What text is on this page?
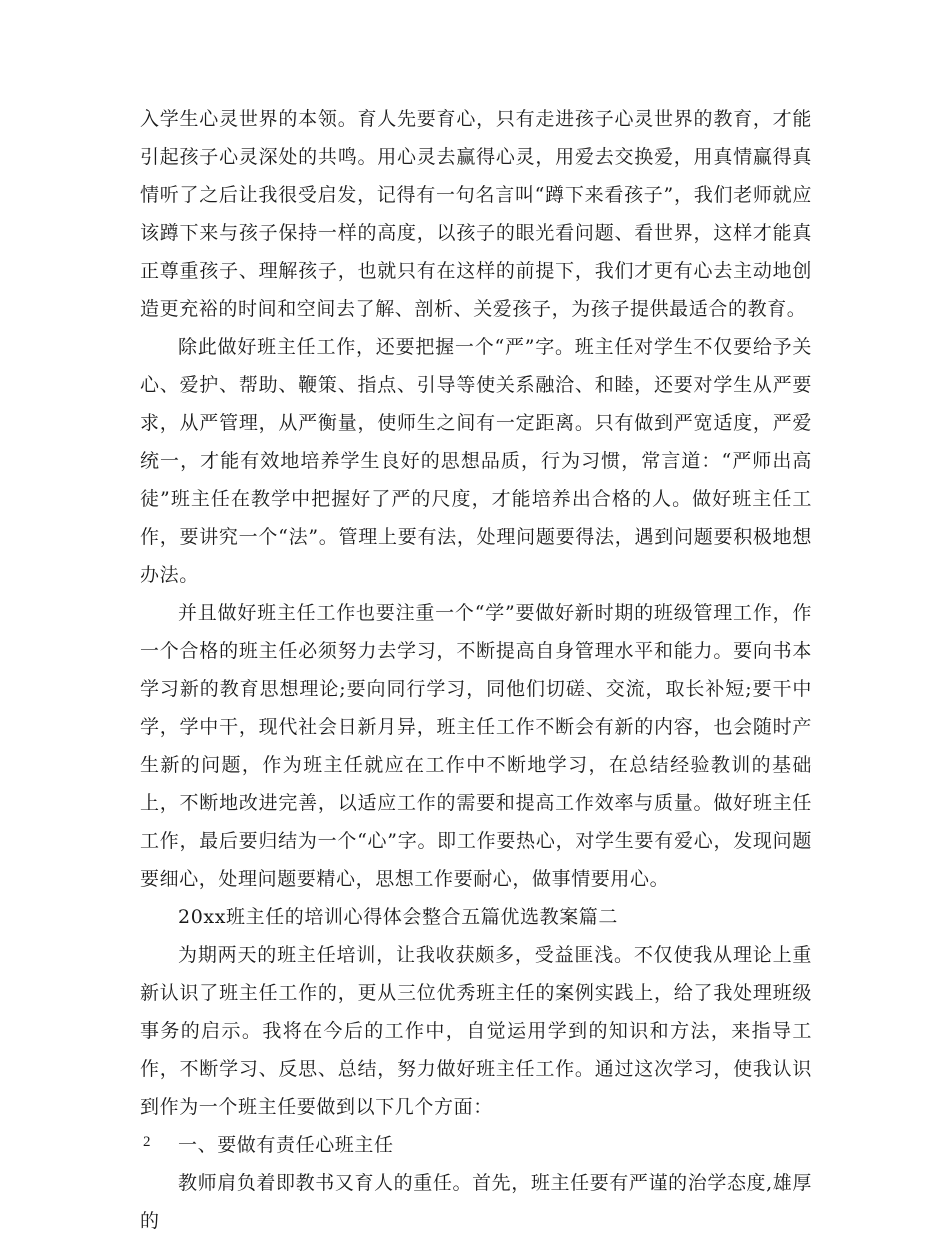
入学生心灵世界的本领。育人先要育心，只有走进孩子心灵世界的教育，才能引起孩子心灵深处的共鸣。用心灵去赢得心灵，用爱去交换爱，用真情赢得真情听了之后让我很受启发，记得有一句名言叫“蹲下来看孩子”，我们老师就应该蹲下来与孩子保持一样的高度，以孩子的眼光看问题、看世界，这样才能真正尊重孩子、理解孩子，也就只有在这样的前提下，我们才更有心去主动地创造更充裕的时间和空间去了解、剖析、关爱孩子，为孩子提供最适合的教育。

除此做好班主任工作，还要把握一个“严”字。班主任对学生不仅要给予关心、爱护、帮助、鞭策、指点、引导等使关系融洽、和睦，还要对学生从严要求，从严管理，从严衡量，使师生之间有一定距离。只有做到严宽适度，严爱统一，才能有效地培养学生良好的思想品质，行为习惯，常言道：“严师出高徒”班主任在教学中把握好了严的尺度，才能培养出合格的人。做好班主任工作，要讲究一个“法”。管理上要有法，处理问题要得法，遇到问题要积极地想办法。

并且做好班主任工作也要注重一个“学”要做好新时期的班级管理工作，作一个合格的班主任必须努力去学习，不断提高自身管理水平和能力。要向书本学习新的教育思想理论;要向同行学习，同他们切磋、交流，取长补短;要干中学，学中干，现代社会日新月异，班主任工作不断会有新的内容，也会随时产生新的问题，作为班主任就应在工作中不断地学习，在总结经验教训的基础上，不断地改进完善，以适应工作的需要和提高工作效率与质量。做好班主任工作，最后要归结为一个“心”字。即工作要热心，对学生要有爱心，发现问题要细心，处理问题要精心，思想工作要耐心，做事情要用心。

20xx班主任的培训心得体会整合五篇优选教案篇二

为期两天的班主任培训，让我收获颇多，受益匪浅。不仅使我从理论上重新认识了班主任工作的，更从三位优秀班主任的案例实践上，给了我处理班级事务的启示。我将在今后的工作中，自觉运用学到的知识和方法，来指导工作，不断学习、反思、总结，努力做好班主任工作。通过这次学习，使我认识到作为一个班主任要做到以下几个方面：

一、要做有责任心班主任

教师肩负着即教书又育人的重任。首先，班主任要有严谨的治学态度,雄厚的

2
